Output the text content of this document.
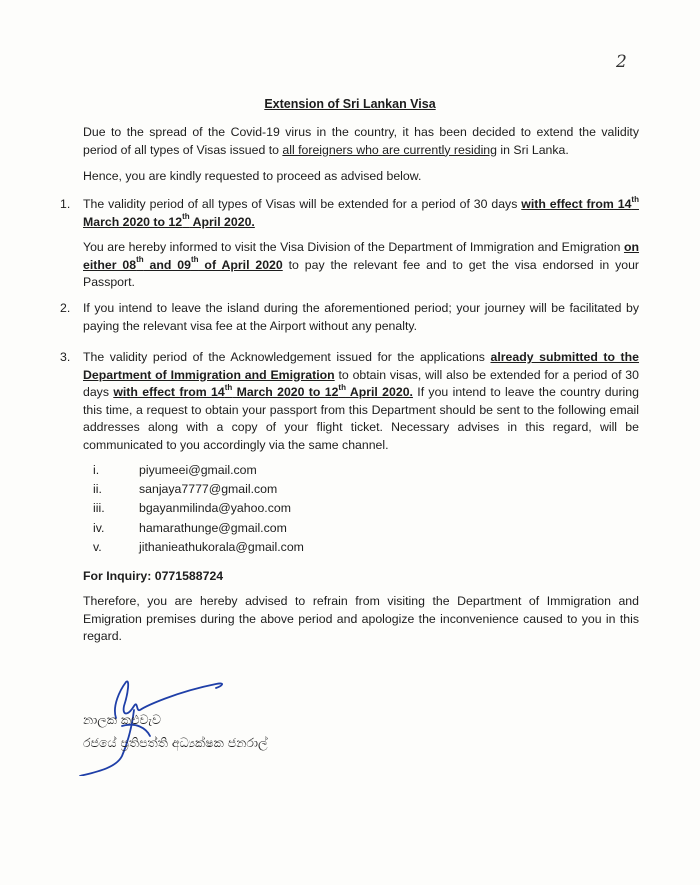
2
Extension of Sri Lankan Visa
Due to the spread of the Covid-19 virus in the country, it has been decided to extend the validity period of all types of Visas issued to all foreigners who are currently residing in Sri Lanka.
Hence, you are kindly requested to proceed as advised below.
1. The validity period of all types of Visas will be extended for a period of 30 days with effect from 14th March 2020 to 12th April 2020.
You are hereby informed to visit the Visa Division of the Department of Immigration and Emigration on either 08th and 09th of April 2020 to pay the relevant fee and to get the visa endorsed in your Passport.
2. If you intend to leave the island during the aforementioned period; your journey will be facilitated by paying the relevant visa fee at the Airport without any penalty.
3. The validity period of the Acknowledgement issued for the applications already submitted to the Department of Immigration and Emigration to obtain visas, will also be extended for a period of 30 days with effect from 14th March 2020 to 12th April 2020. If you intend to leave the country during this time, a request to obtain your passport from this Department should be sent to the following email addresses along with a copy of your flight ticket. Necessary advises in this regard, will be communicated to you accordingly via the same channel.
i.	piyumeei@gmail.com
ii.	sanjaya7777@gmail.com
iii.	bgayanmilinda@yahoo.com
iv.	hamarathunge@gmail.com
v.	jithanieathukorala@gmail.com
For Inquiry: 0771588724
Therefore, you are hereby advised to refrain from visiting the Department of Immigration and Emigration premises during the above period and apologize the inconvenience caused to you in this regard.
නාලක කළුවැව
රජයේ ප්‍රතිපත්ති අධ්‍යක්ෂක ජනරාල්
